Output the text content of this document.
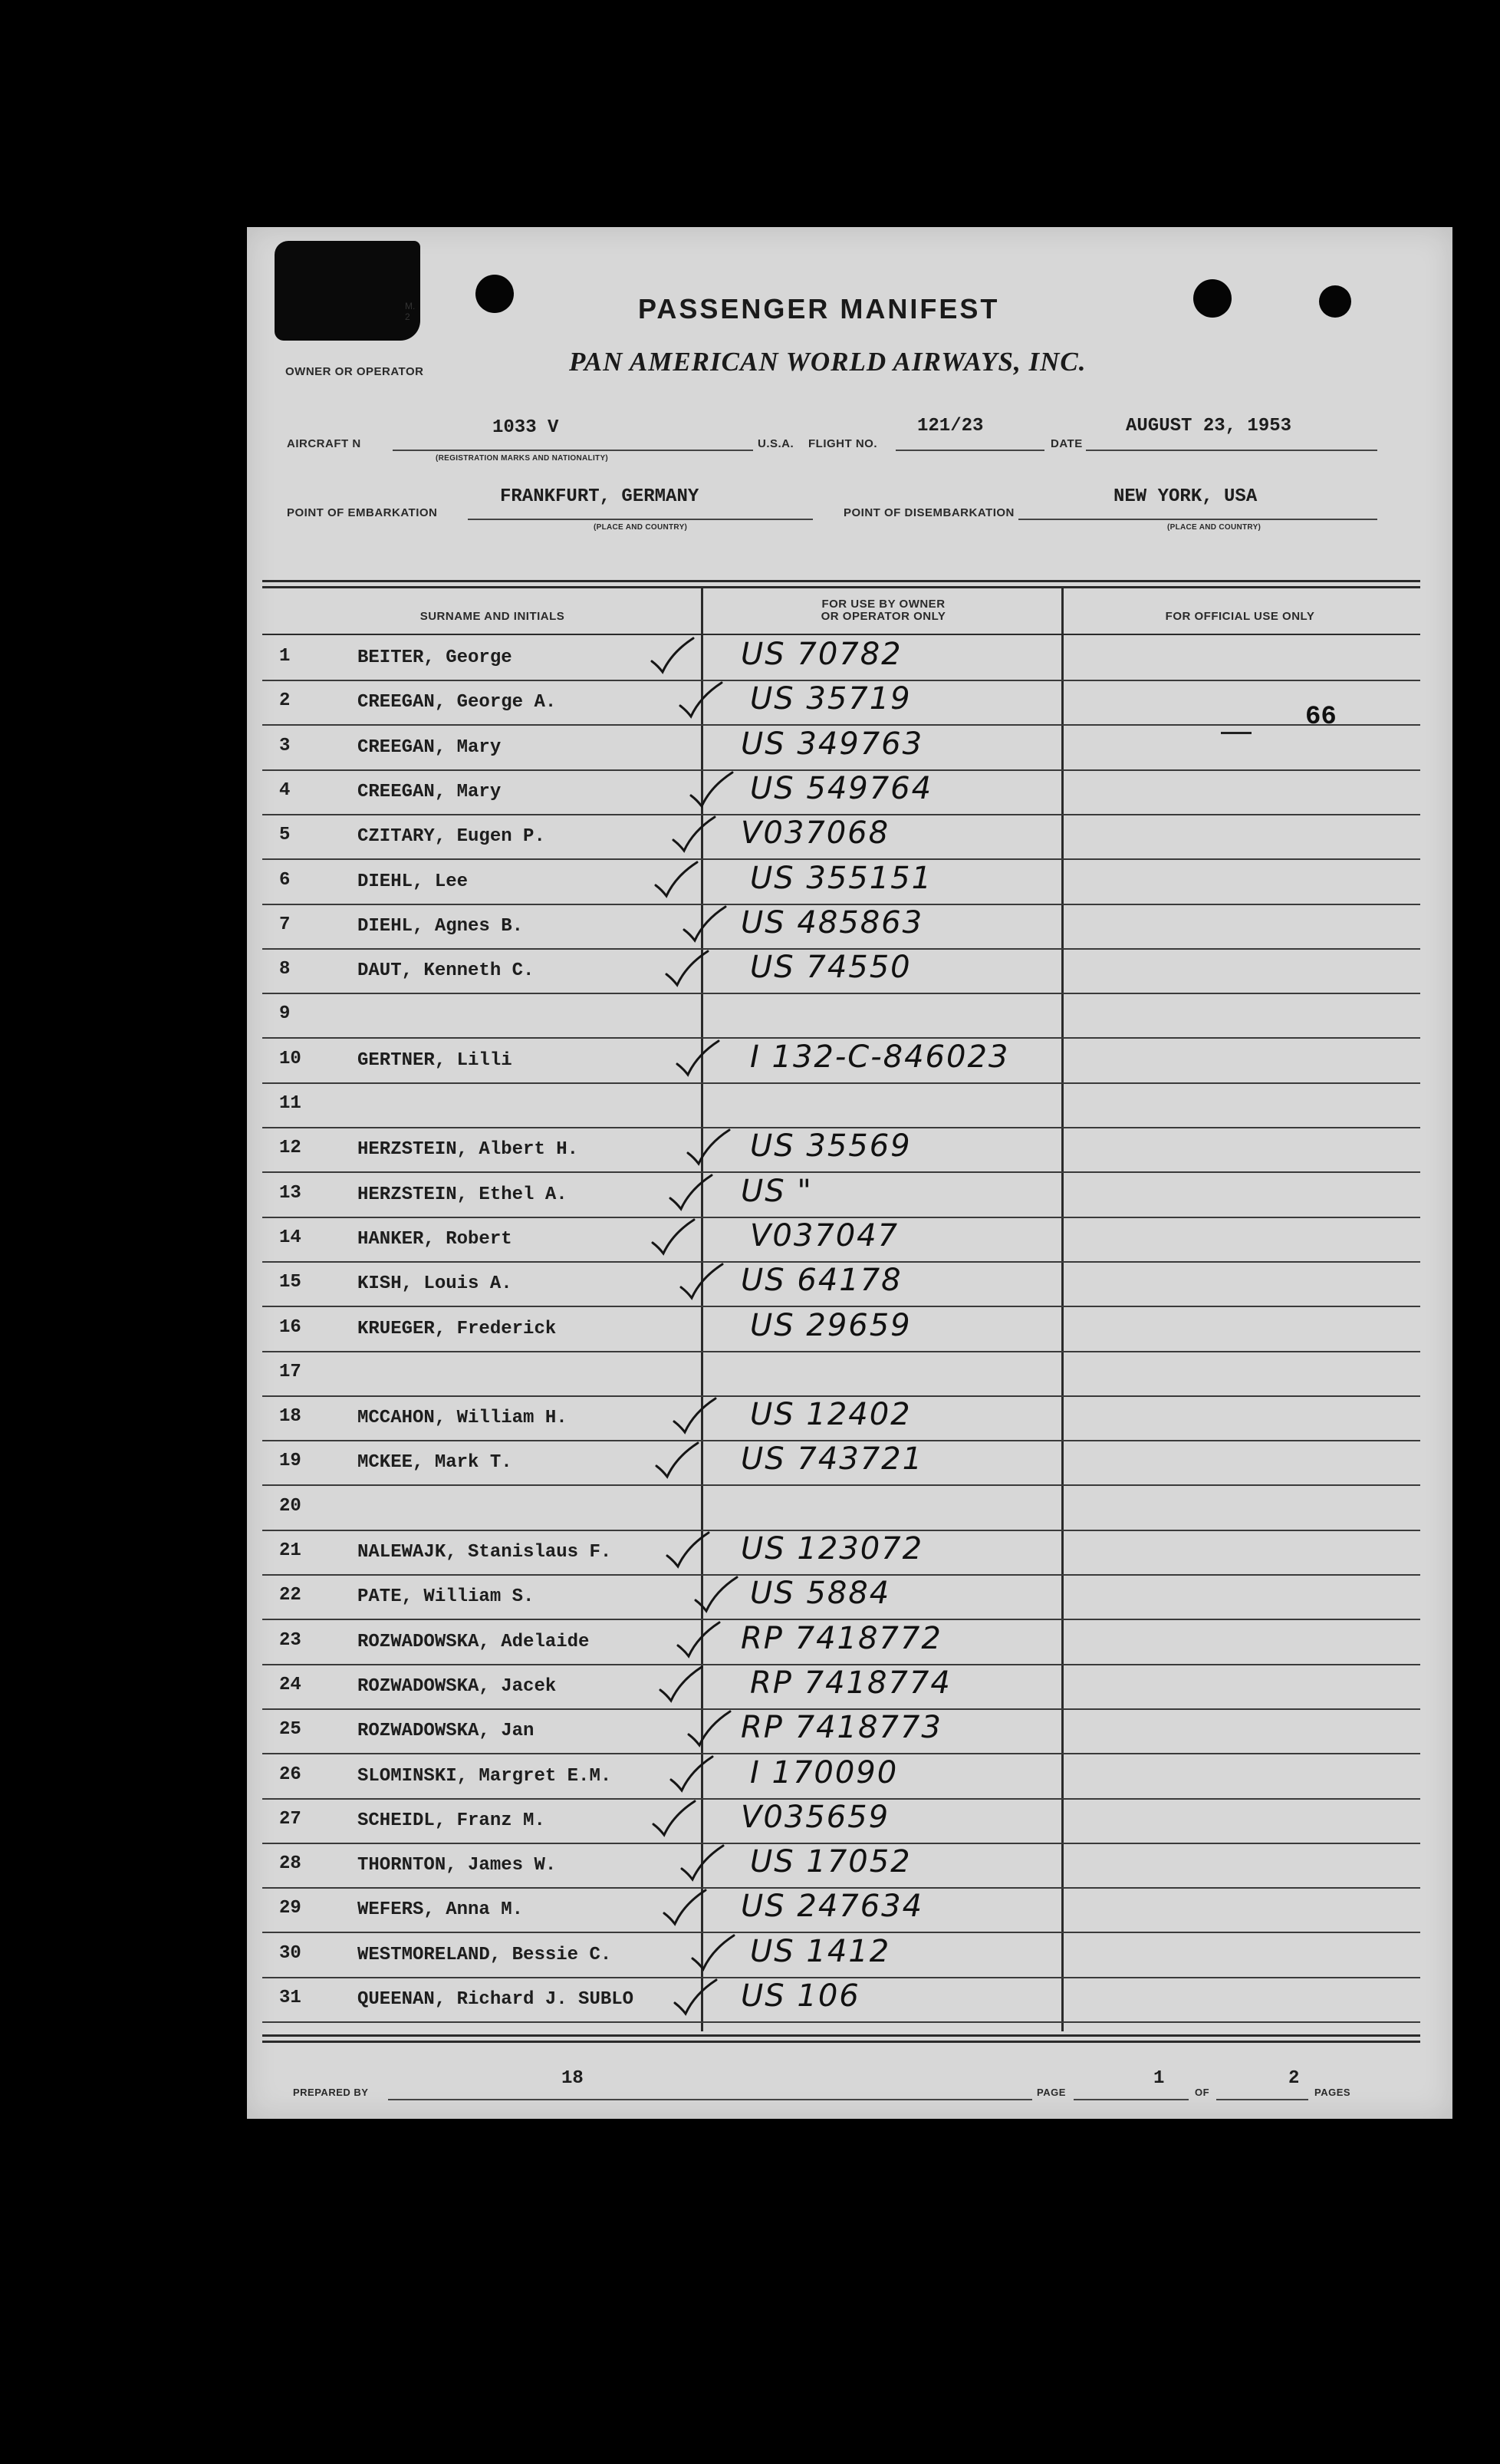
M.
2	PASSENGER MANIFEST
OWNER OR OPERATOR	PAN AMERICAN WORLD AIRWAYS, INC.
AIRCRAFT N
1033 V
(REGISTRATION MARKS AND NATIONALITY)
U.S.A. FLIGHT NO.
121/23
DATE
AUGUST 23, 1953
POINT OF EMBARKATION
FRANKFURT, GERMANY
(PLACE AND COUNTRY)
POINT OF DISEMBARKATION
NEW YORK, USA
(PLACE AND COUNTRY)
SURNAME AND INITIALS
FOR USE BY OWNER
OR OPERATOR ONLY	FOR OFFICIAL USE ONLY
66
1	BEITER, George	US 70782
2	CREEGAN, George A.	US 35719
3	CREEGAN, Mary	US 349763
4	CREEGAN, Mary	US 549764
5	CZITARY, Eugen P.	V037068
6	DIEHL, Lee	US 355151
7	DIEHL, Agnes B.	US 485863
8	DAUT, Kenneth C.	US 74550
9
10	GERTNER, Lilli	I 132-C-846023
11
12	HERZSTEIN, Albert H.	US 35569
13	HERZSTEIN, Ethel A.	US "
14	HANKER, Robert	V037047
15	KISH, Louis A.	US 64178
16	KRUEGER, Frederick	US 29659
17
18	MCCAHON, William H.	US 12402
19	MCKEE, Mark T.	US 743721
20
21	NALEWAJK, Stanislaus F.	US 123072
22	PATE, William S.	US 5884
23	ROZWADOWSKA, Adelaide	RP 7418772
24	ROZWADOWSKA, Jacek	RP 7418774
25	ROZWADOWSKA, Jan	RP 7418773
26	SLOMINSKI, Margret E.M.	I 170090
27	SCHEIDL, Franz M.	V035659
28	THORNTON, James W.	US 17052
29	WEFERS, Anna M.	US 247634
30	WESTMORELAND, Bessie C.	US 1412
31	QUEENAN, Richard J. SUBLO	US 106
PREPARED BY
18
PAGE
1
OF
2
PAGES
